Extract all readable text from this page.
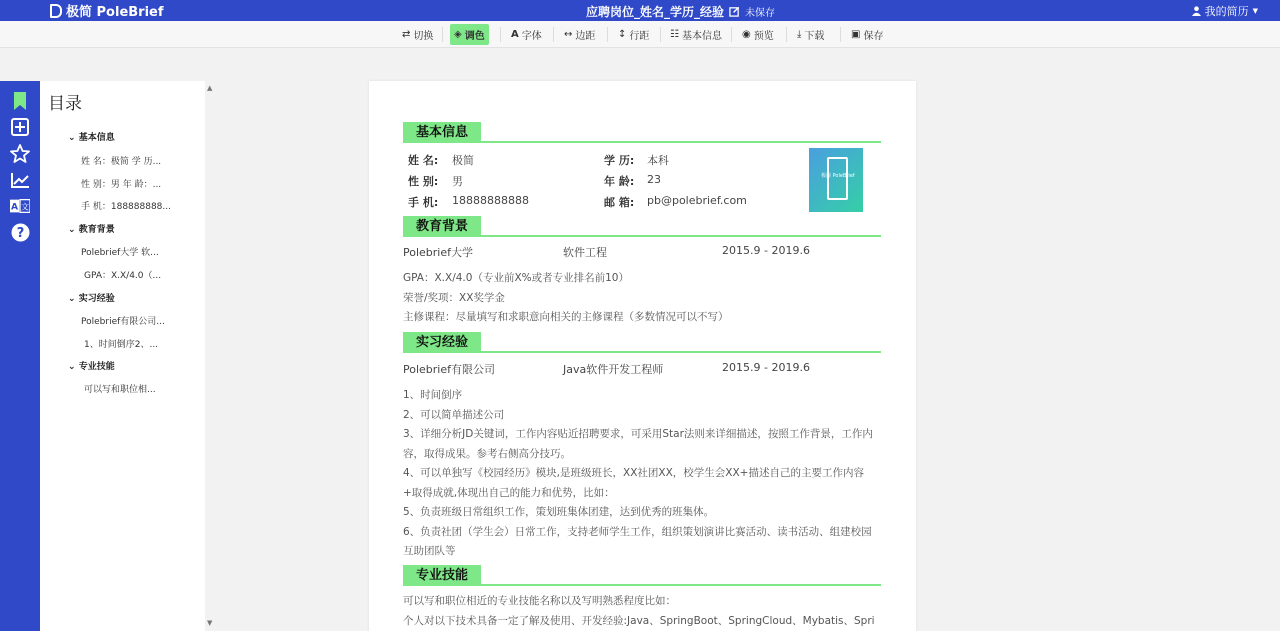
极简 PoleBrief	应聘岗位_姓名_学历_经验 未保存	我的简历 ▼
⇄ 切换 ◈ 调色	A 字体 ↔ 边距 ↕ 行距 ☷ 基本信息 ◉ 预览 ⤓ 下载	▣ 保存
A 文
?
目录
⌄ 基本信息
姓 名：极简 学 历...
性 别：男 年 龄：...
手 机：188888888...
⌄ 教育背景
Polebrief大学 软...
GPA：X.X/4.0（...
⌄ 实习经验
Polebrief有限公司...
1、时间倒序2、...
⌄ 专业技能
可以写和职位相...
▲
▼
基本信息
姓 名: 极简	学 历: 本科
性 别: 男	年 龄: 23
手 机: 18888888888	邮 箱: pb@polebrief.com
极简 PoleBrief
教育背景
Polebrief大学	软件工程	2015.9 - 2019.6
GPA：X.X/4.0（专业前X%或者专业排名前10）
荣誉/奖项：XX奖学金
主修课程：尽量填写和求职意向相关的主修课程（多数情况可以不写）
实习经验
Polebrief有限公司	Java软件开发工程师	2015.9 - 2019.6
1、时间倒序
2、可以简单描述公司
3、详细分析JD关键词，工作内容贴近招聘要求，可采用Star法则来详细描述，按照工作背景，工作内容，取得成果。参考右侧高分技巧。
4、可以单独写《校园经历》模块,是班级班长，XX社团XX，校学生会XX+描述自己的主要工作内容+取得成就,体现出自己的能力和优势，比如：
5、负责班级日常组织工作，策划班集体团建，达到优秀的班集体。
6、负责社团（学生会）日常工作，支持老师学生工作，组织策划演讲比赛活动、读书活动、组建校园互助团队等
专业技能
可以写和职位相近的专业技能名称以及写明熟悉程度比如：
个人对以下技术具备一定了解及使用、开发经验:Java、SpringBoot、SpringCloud、Mybatis、Spri
